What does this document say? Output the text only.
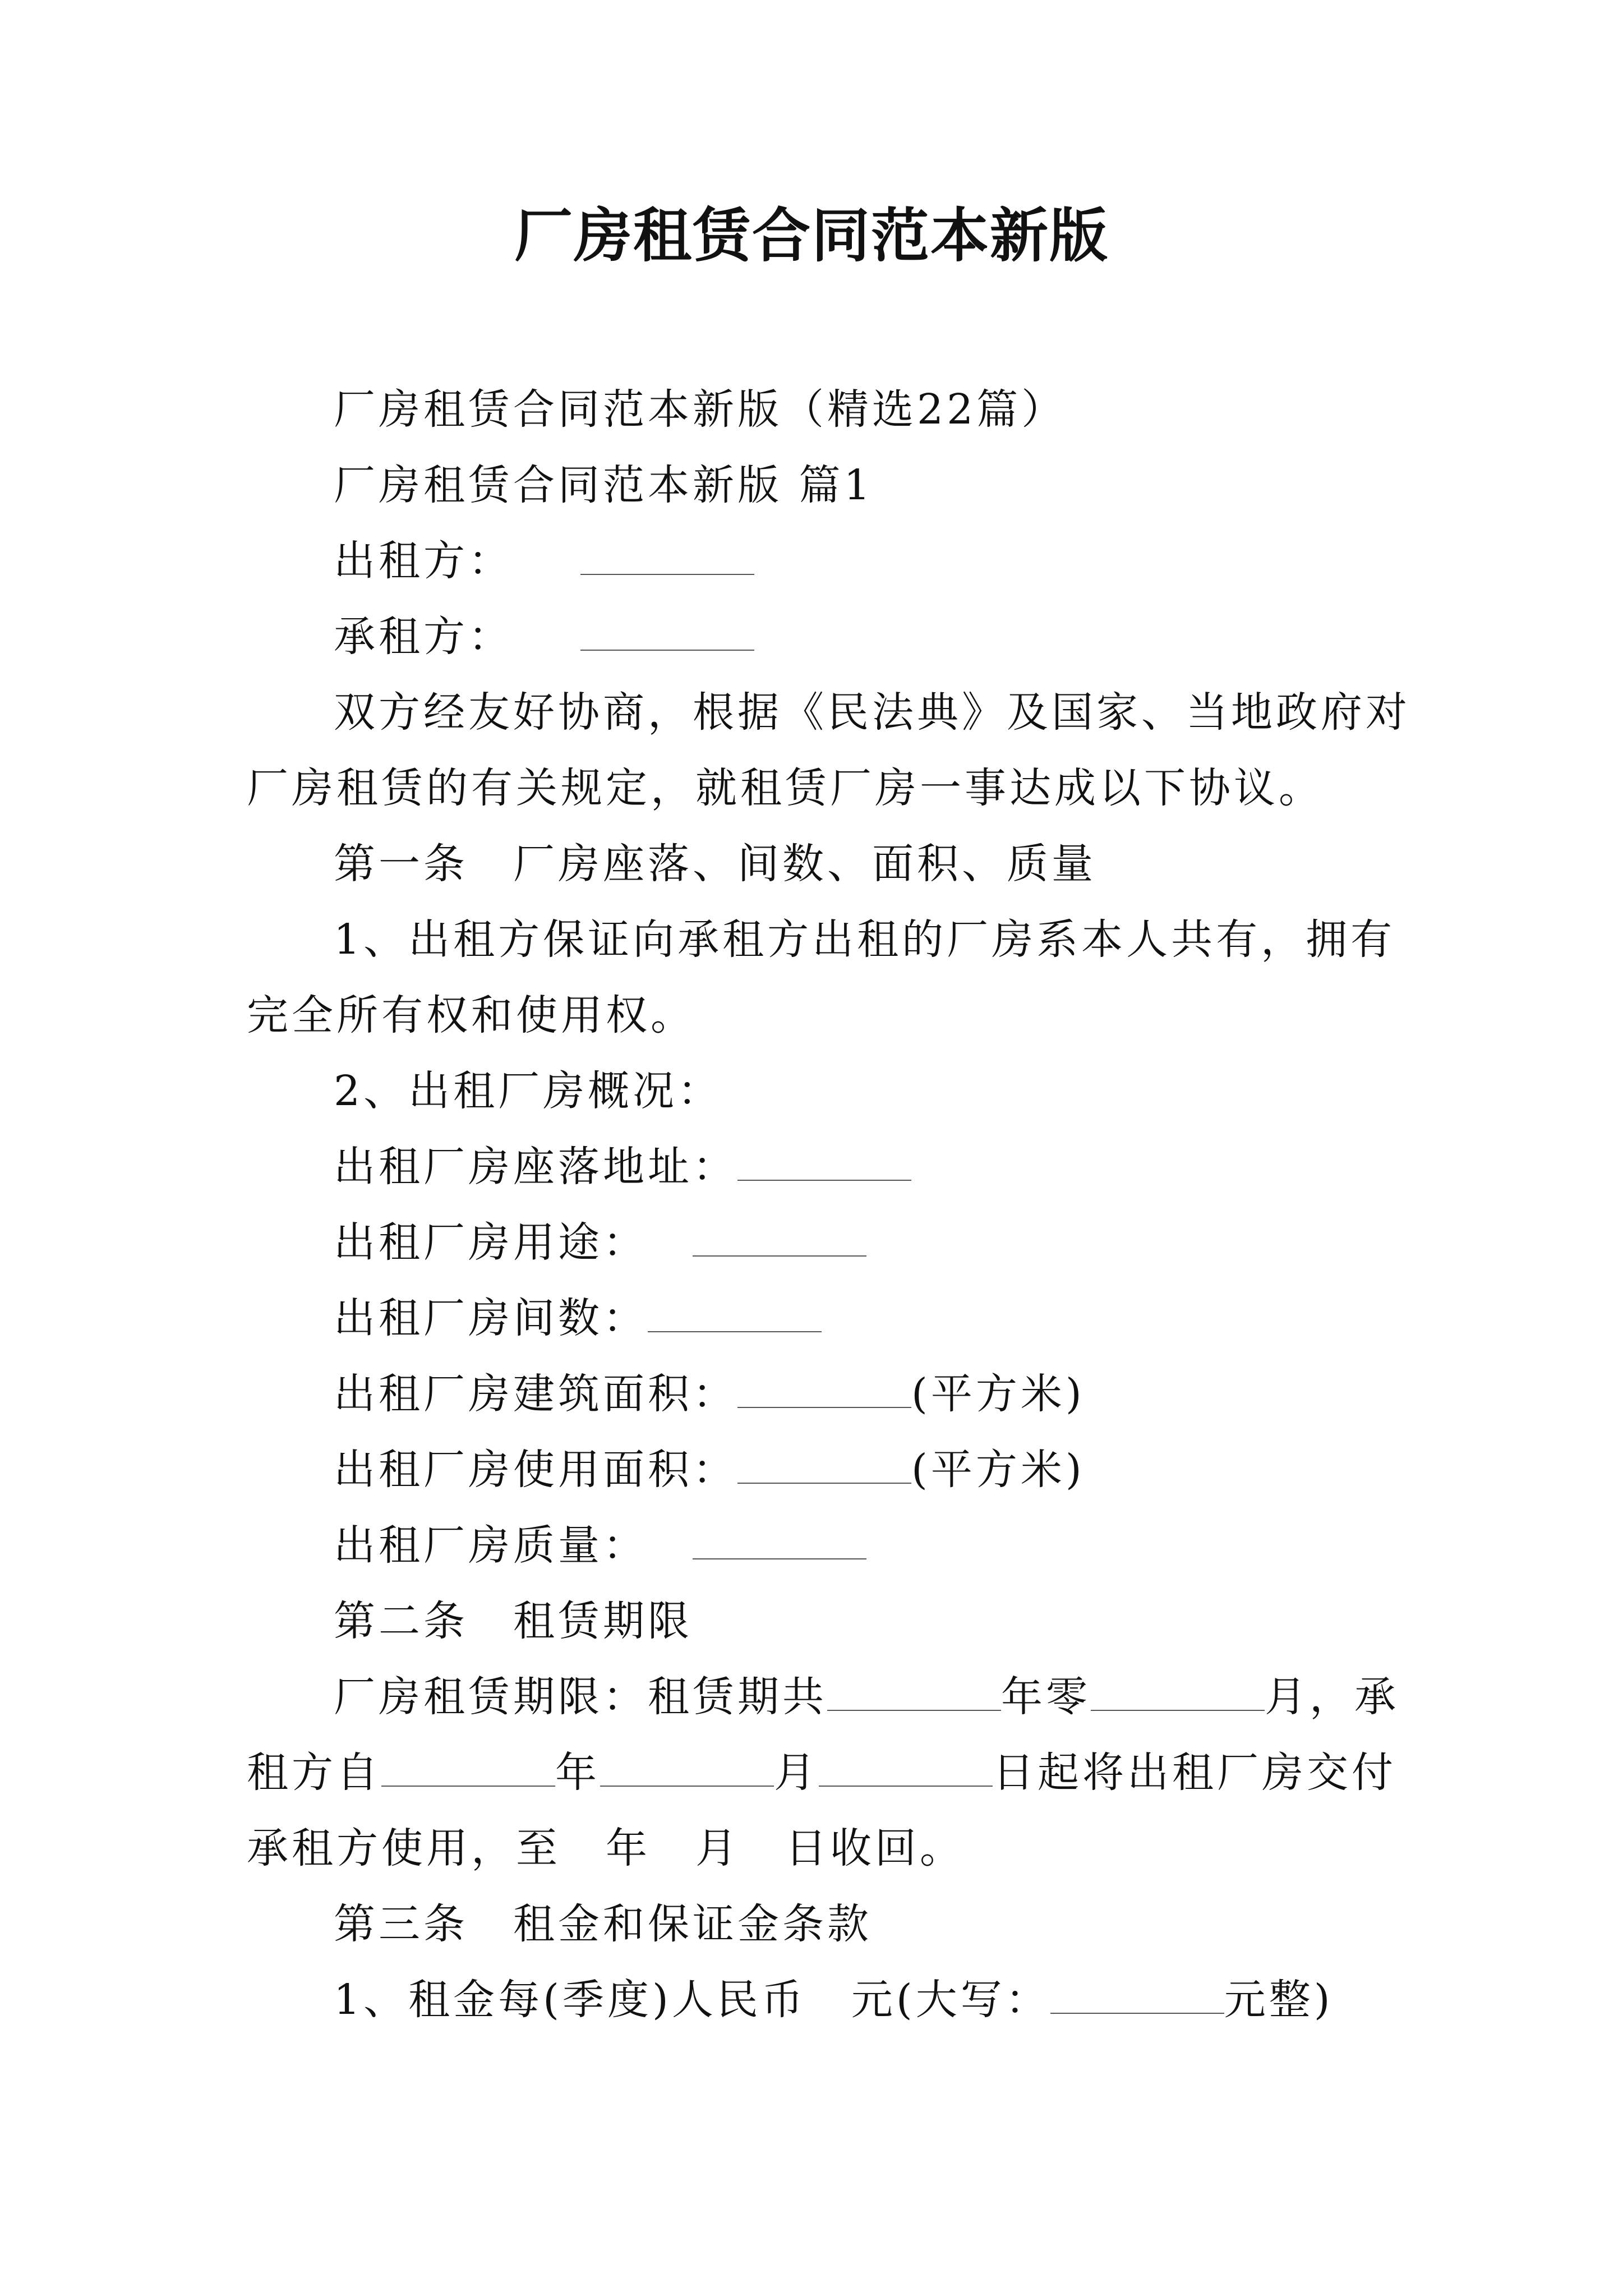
厂房租赁合同范本新版
厂房租赁合同范本新版（精选22篇）
厂房租赁合同范本新版 篇1
出租方：
承租方：
双方经友好协商，根据《民法典》及国家、当地政府对
厂房租赁的有关规定，就租赁厂房一事达成以下协议。
第一条　厂房座落、间数、面积、质量
1、出租方保证向承租方出租的厂房系本人共有，拥有
完全所有权和使用权。
2、出租厂房概况：
出租厂房座落地址：
出租厂房用途：
出租厂房间数：
出租厂房建筑面积：	(平方米)
出租厂房使用面积：	(平方米)
出租厂房质量：
第二条　租赁期限
厂房租赁期限：租赁期共	年零	月，承
租方自	年	月	日起将出租厂房交付
承租方使用，至　年　月　日收回。
第三条　租金和保证金条款
1、租金每(季度)人民币　元(大写：	元整)
